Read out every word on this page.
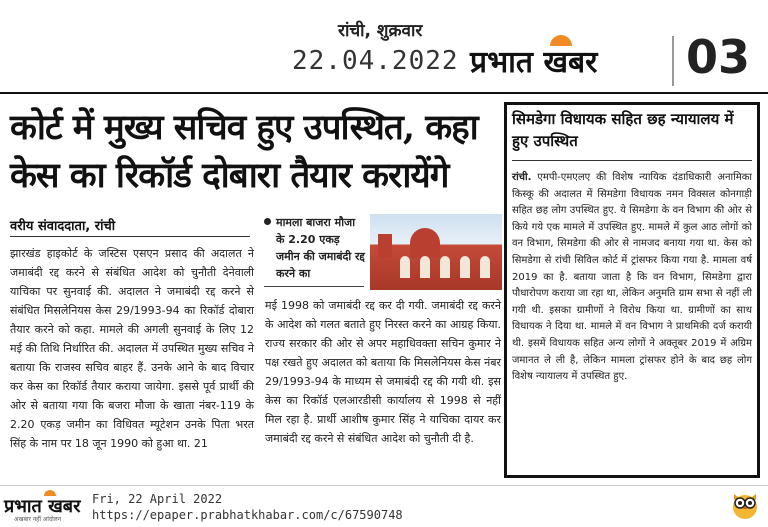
रांची, शुक्रवार
22.04.2022 प्रभात खबर 03
कोर्ट में मुख्य सचिव हुए उपस्थित, कहा केस का रिकॉर्ड दोबारा तैयार करायेंगे
वरीय संवाददाता, रांची
झारखंड हाइकोर्ट के जस्टिस एसएन प्रसाद की अदालत ने जमाबंदी रद्द करने से संबंधित आदेश को चुनौती देनेवाली याचिका पर सुनवाई की. अदालत ने जमाबंदी रद्द करने से संबंधित मिसलेनियस केस 29/1993-94 का रिकॉर्ड दोबारा तैयार करने को कहा. मामले की अगली सुनवाई के लिए 12 मई की तिथि निर्धारित की. अदालत में उपस्थित मुख्य सचिव ने बताया कि राजस्व सचिव बाहर हैं. उनके आने के बाद विचार कर केस का रिकॉर्ड तैयार कराया जायेगा. इससे पूर्व प्रार्थी की ओर से बताया गया कि बजरा मौजा के खाता नंबर-119 के 2.20 एकड़ जमीन का विधिवत म्यूटेशन उनके पिता भरत सिंह के नाम पर 18 जून 1990 को हुआ था. 21
मामला बाजरा मौजा के 2.20 एकड़ जमीन की जमाबंदी रद्द करने का
मई 1998 को जमाबंदी रद्द कर दी गयी. जमाबंदी रद्द करने के आदेश को गलत बताते हुए निरस्त करने का आग्रह किया. राज्य सरकार की ओर से अपर महाधिवक्ता सचिन कुमार ने पक्ष रखते हुए अदालत को बताया कि मिसलेनियस केस नंबर 29/1993-94 के माध्यम से जमाबंदी रद्द की गयी थी. इस केस का रिकॉर्ड एलआरडीसी कार्यालय से 1998 से नहीं मिल रहा है. प्रार्थी आशीष कुमार सिंह ने याचिका दायर कर जमाबंदी रद्द करने से संबंधित आदेश को चुनौती दी है.
सिमडेगा विधायक सहित छह न्यायालय में हुए उपस्थित
रांची. एमपी-एमएलए की विशेष न्यायिक दंडाधिकारी अनामिका किस्कू की अदालत में सिमडेगा विधायक नमन विक्सल कोनगाड़ी सहित छह लोग उपस्थित हुए. ये सिमडेगा के वन विभाग की ओर से किये गये एक मामले में उपस्थित हुए. मामले में कुल आठ लोगों को वन विभाग, सिमडेगा की ओर से नामजद बनाया गया था. केस को सिमडेगा से रांची सिविल कोर्ट में ट्रांसफर किया गया है. मामला वर्ष 2019 का है. बताया जाता है कि वन विभाग, सिमडेगा द्वारा पौधारोपण कराया जा रहा था, लेकिन अनुमति ग्राम सभा से नहीं ली गयी थी. इसका ग्रामीणों ने विरोध किया था. ग्रामीणों का साथ विधायक ने दिया था. मामले में वन विभाग ने प्राथमिकी दर्ज करायी थी. इसमें विधायक सहित अन्य लोगों ने अक्तूबर 2019 में अग्रिम जमानत ले ली है, लेकिन मामला ट्रांसफर होने के बाद छह लोग विशेष न्यायालय में उपस्थित हुए.
प्रभात खबर
अखबार नहीं आंदोलन
Fri, 22 April 2022
https://epaper.prabhatkhabar.com/c/67590748
